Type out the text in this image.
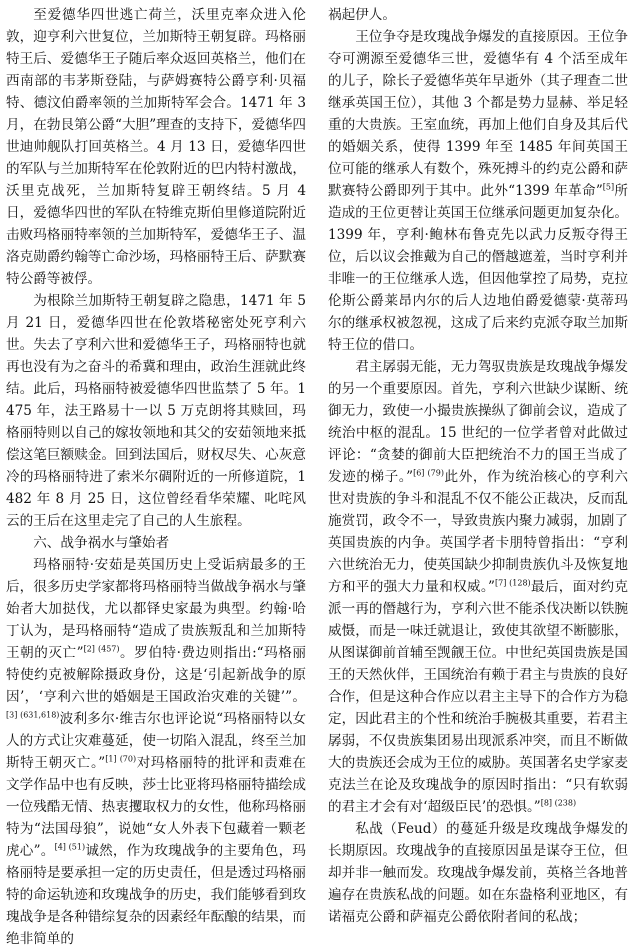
至爱德华四世逃亡荷兰，沃里克率众进入伦敦，迎亨利六世复位，兰加斯特王朝复辟。玛格丽特王后、爱德华王子随后率众返回英格兰，他们在西南部的韦茅斯登陆，与萨姆赛特公爵亨利·贝福特、德汶伯爵率领的兰加斯特军会合。1471 年 3 月，在勃艮第公爵“大胆”理查的支持下，爱德华四世迪帅舰队打回英格兰。4 月 13 日，爱德华四世的军队与兰加斯特军在伦敦附近的巴内特村激战，沃里克战死，兰加斯特复辟王朝终结。5 月 4 日，爱德华四世的军队在特维克斯伯里修道院附近击败玛格丽特率领的兰加斯特军，爱德华王子、温洛克勋爵约翰等亡命沙场，玛格丽特王后、萨默赛特公爵等被俘。

为根除兰加斯特王朝复辟之隐患，1471 年 5 月 21 日，爱德华四世在伦敦塔秘密处死亨利六世。失去了亨利六世和爱德华王子，玛格丽特也就再也没有为之奋斗的希冀和理由，政治生涯就此终结。此后，玛格丽特被爱德华四世监禁了 5 年。1475 年，法王路易十一以 5 万克朗将其赎回，玛格丽特则以自己的嫁妆领地和其父的安茹领地来抵偿这笔巨额赎金。回到法国后，财权尽失、心灰意冷的玛格丽特进了索米尔碉附近的一所修道院，1482 年 8 月 25 日，这位曾经看华荣耀、叱咤风云的王后在这里走完了自己的人生旅程。

六、战争祸水与肇始者

玛格丽特·安茹是英国历史上受诟病最多的王后，很多历史学家都将玛格丽特当做战争祸水与肇始者大加挞伐，尤以都铎史家最为典型。约翰·哈丁认为，是玛格丽特“造成了贵族叛乱和兰加斯特王朝的灭亡”$^{[2] (457)}$。罗伯特·费边则指出:“玛格丽特使约克被解除摄政身份，这是‘引起新战争的原因’，‘亨利六世的婚姻是王国政治灾难的关键’”。$^{[3] (631,618)}$波利多尔·维吉尔也评论说“玛格丽特以女人的方式让灾难蔓延，使一切陷入混乱，终至兰加斯特王朝灭亡。”$^{[1] (70)}$对玛格丽特的批评和责难在文学作品中也有反映，莎士比亚将玛格丽特描绘成一位残酷无情、热衷攫取权力的女性，他称玛格丽特为“法国母狼”，说她“女人外表下包藏着一颗老虎心”。$^{[4] (51)}$诚然，作为玫瑰战争的主要角色，玛格丽特是要承担一定的历史责任，但是透过玛格丽特的命运轨迹和玫瑰战争的历史，我们能够看到玫瑰战争是各种错综复杂的因素经年酝酿的结果，而绝非简单的

祸起伊人。

王位争夺是玫瑰战争爆发的直接原因。王位争夺可溯源至爱德华三世，爱德华有 4 个活至成年的儿子，除长子爱德华英年早逝外（其子理查二世继承英国王位），其他 3 个都是势力显赫、举足轻重的大贵族。王室血统，再加上他们自身及其后代的婚姻关系，使得 1399 年至 1485 年间英国王位可能的继承人有数个，殊死搏斗的约克公爵和萨默赛特公爵即列于其中。此外“1399 年革命”[5]所造成的王位更替让英国王位继承问题更加复杂化。1399 年，亨利·鲍林布鲁克先以武力反叛夺得王位，后以议会推戴为自己的僭越遮羞，当时亨利并非唯一的王位继承人选，但因他掌控了局势，克拉伦斯公爵莱昂内尔的后人边地伯爵爱德蒙·莫蒂玛尔的继承权被忽视，这成了后来约克派夺取兰加斯特王位的借口。

君主孱弱无能，无力驾驭贵族是玫瑰战争爆发的另一个重要原因。首先，亨利六世缺少谋断、统御无力，致使一小撮贵族操纵了御前会议，造成了统治中枢的混乱。15 世纪的一位学者曾对此做过评论：“贪婪的御前大臣把统治不力的国王当成了发迹的梯子。”$^{[6] (79)}$此外，作为统治核心的亨利六世对贵族的争斗和混乱不仅不能公正裁决，反而乱施赏罚，政令不一，导致贵族内聚力减弱，加剧了英国贵族的内争。英国学者卡朋特曾指出：“亨利六世统治无力，使英国缺少抑制贵族仇斗及恢复地方和平的强大力量和权威。”$^{[7] (128)}$最后，面对约克派一再的僭越行为，亨利六世不能杀伐决断以铁腕威慑，而是一味迁就退让，致使其欲望不断膨胀，从图谋御前首辅至觊觎王位。中世纪英国贵族是国王的天然伙伴，王国统治有赖于君主与贵族的良好合作，但是这种合作应以君主主导下的合作方为稳定，因此君主的个性和统治手腕极其重要，若君主孱弱，不仅贵族集团易出现派系冲突，而且不断做大的贵族还会成为王位的威胁。英国著名史学家麦克法兰在论及玫瑰战争的原因时指出：“只有软弱的君主才会有对‘超级臣民’的恐惧。”$^{[8] (238)}$

私战（Feud）的蔓延升级是玫瑰战争爆发的长期原因。玫瑰战争的直接原因虽是谋夺王位，但却并非一触而发。玫瑰战争爆发前，英格兰各地普遍存在贵族私战的问题。如在东盎格利亚地区，有诺福克公爵和萨福克公爵依附者间的私战；
